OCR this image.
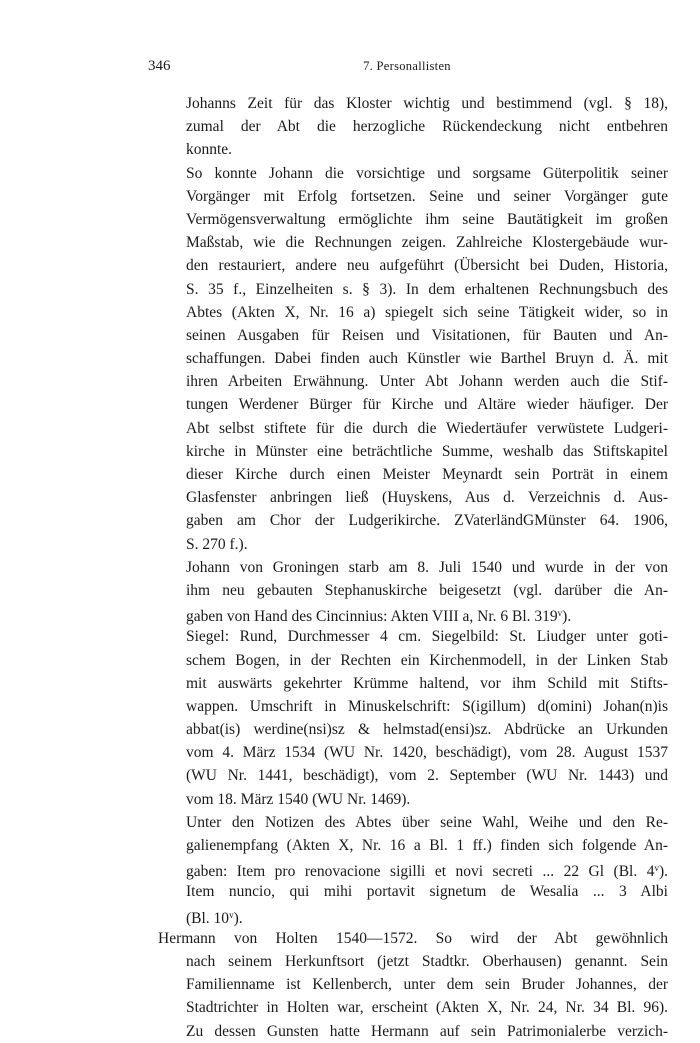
346	7. Personallisten
Johanns Zeit für das Kloster wichtig und bestimmend (vgl. § 18),
zumal der Abt die herzogliche Rückendeckung nicht entbehren
konnte.
So konnte Johann die vorsichtige und sorgsame Güterpolitik seiner
Vorgänger mit Erfolg fortsetzen. Seine und seiner Vorgänger gute
Vermögensverwaltung ermöglichte ihm seine Bautätigkeit im großen
Maßstab, wie die Rechnungen zeigen. Zahlreiche Klostergebäude wur-
den restauriert, andere neu aufgeführt (Übersicht bei Duden, Historia,
S. 35 f., Einzelheiten s. § 3). In dem erhaltenen Rechnungsbuch des
Abtes (Akten X, Nr. 16 a) spiegelt sich seine Tätigkeit wider, so in
seinen Ausgaben für Reisen und Visitationen, für Bauten und An-
schaffungen. Dabei finden auch Künstler wie Barthel Bruyn d. Ä. mit
ihren Arbeiten Erwähnung. Unter Abt Johann werden auch die Stif-
tungen Werdener Bürger für Kirche und Altäre wieder häufiger. Der
Abt selbst stiftete für die durch die Wiedertäufer verwüstete Ludgeri-
kirche in Münster eine beträchtliche Summe, weshalb das Stiftskapitel
dieser Kirche durch einen Meister Meynardt sein Porträt in einem
Glasfenster anbringen ließ (Huyskens, Aus d. Verzeichnis d. Aus-
gaben am Chor der Ludgerikirche. ZVaterländGMünster 64. 1906,
S. 270 f.).
Johann von Groningen starb am 8. Juli 1540 und wurde in der von
ihm neu gebauten Stephanuskirche beigesetzt (vgl. darüber die An-
gaben von Hand des Cincinnius: Akten VIII a, Nr. 6 Bl. 319$^v$).
Siegel: Rund, Durchmesser 4 cm. Siegelbild: St. Liudger unter goti-
schem Bogen, in der Rechten ein Kirchenmodell, in der Linken Stab
mit auswärts gekehrter Krümme haltend, vor ihm Schild mit Stifts-
wappen. Umschrift in Minuskelschrift: S(igillum) d(omini) Johan(n)is
abbat(is) werdine(nsi)sz & helmstad(ensi)sz. Abdrücke an Urkunden
vom 4. März 1534 (WU Nr. 1420, beschädigt), vom 28. August 1537
(WU Nr. 1441, beschädigt), vom 2. September (WU Nr. 1443) und
vom 18. März 1540 (WU Nr. 1469).
Unter den Notizen des Abtes über seine Wahl, Weihe und den Re-
galienempfang (Akten X, Nr. 16 a Bl. 1 ff.) finden sich folgende An-
gaben: Item pro renovacione sigilli et novi secreti ... 22 Gl (Bl. 4$^v$).
Item nuncio, qui mihi portavit signetum de Wesalia ... 3 Albi
(Bl. 10$^v$).
Hermann von Holten 1540—1572. So wird der Abt gewöhnlich
nach seinem Herkunftsort (jetzt Stadtkr. Oberhausen) genannt. Sein
Familienname ist Kellenberch, unter dem sein Bruder Johannes, der
Stadtrichter in Holten war, erscheint (Akten X, Nr. 24, Nr. 34 Bl. 96).
Zu dessen Gunsten hatte Hermann auf sein Patrimonialerbe verzich-
